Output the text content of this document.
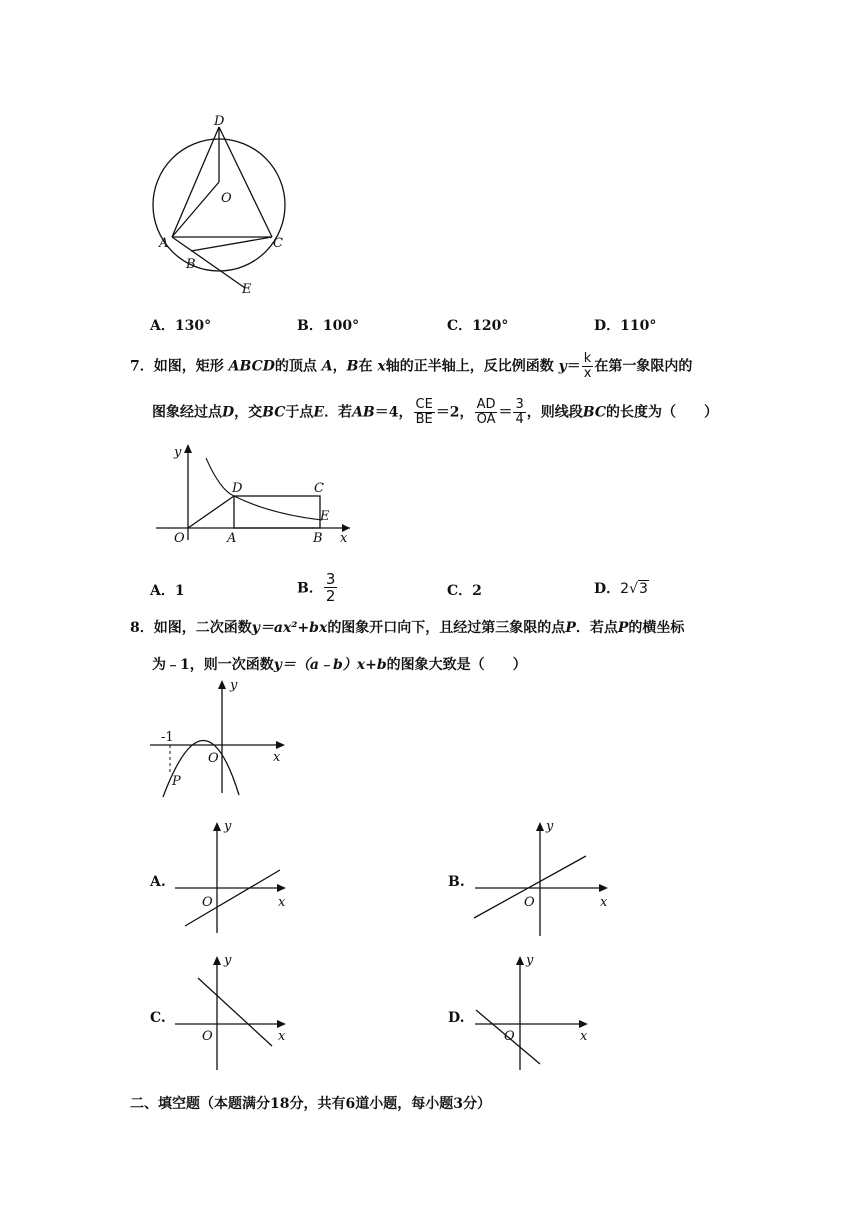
D
O
A
B
C
E
A．130°	B．100°	C．120°	D．110°
7．如图，矩形 ABCD的顶点 A，B在 x轴的正半轴上，反比例函数 $y= \frac{k}{x}$ 在第一象限内的
图象经过点D，交BC于点E．若AB＝4， $\frac{CE}{BE} =2$， $\frac{AD}{OA} = \frac{3}{4}$ ，则线段BC的长度为（　　）
y
x
O	A	B
C
D
E
A．1	B． $\frac{3}{2}$	C．2	D．2√3
8．如图，二次函数y＝ax²+bx的图象开口向下，且经过第三象限的点P．若点P的横坐标
为﹣1，则一次函数y＝（a﹣b）x+b的图象大致是（　　）
y
x
O
P
-1
A.
y
x
O
B.
y
x
O
C.
y
x
O
D.
y
x
O
二、填空题（本题满分18分，共有6道小题，每小题3分）
